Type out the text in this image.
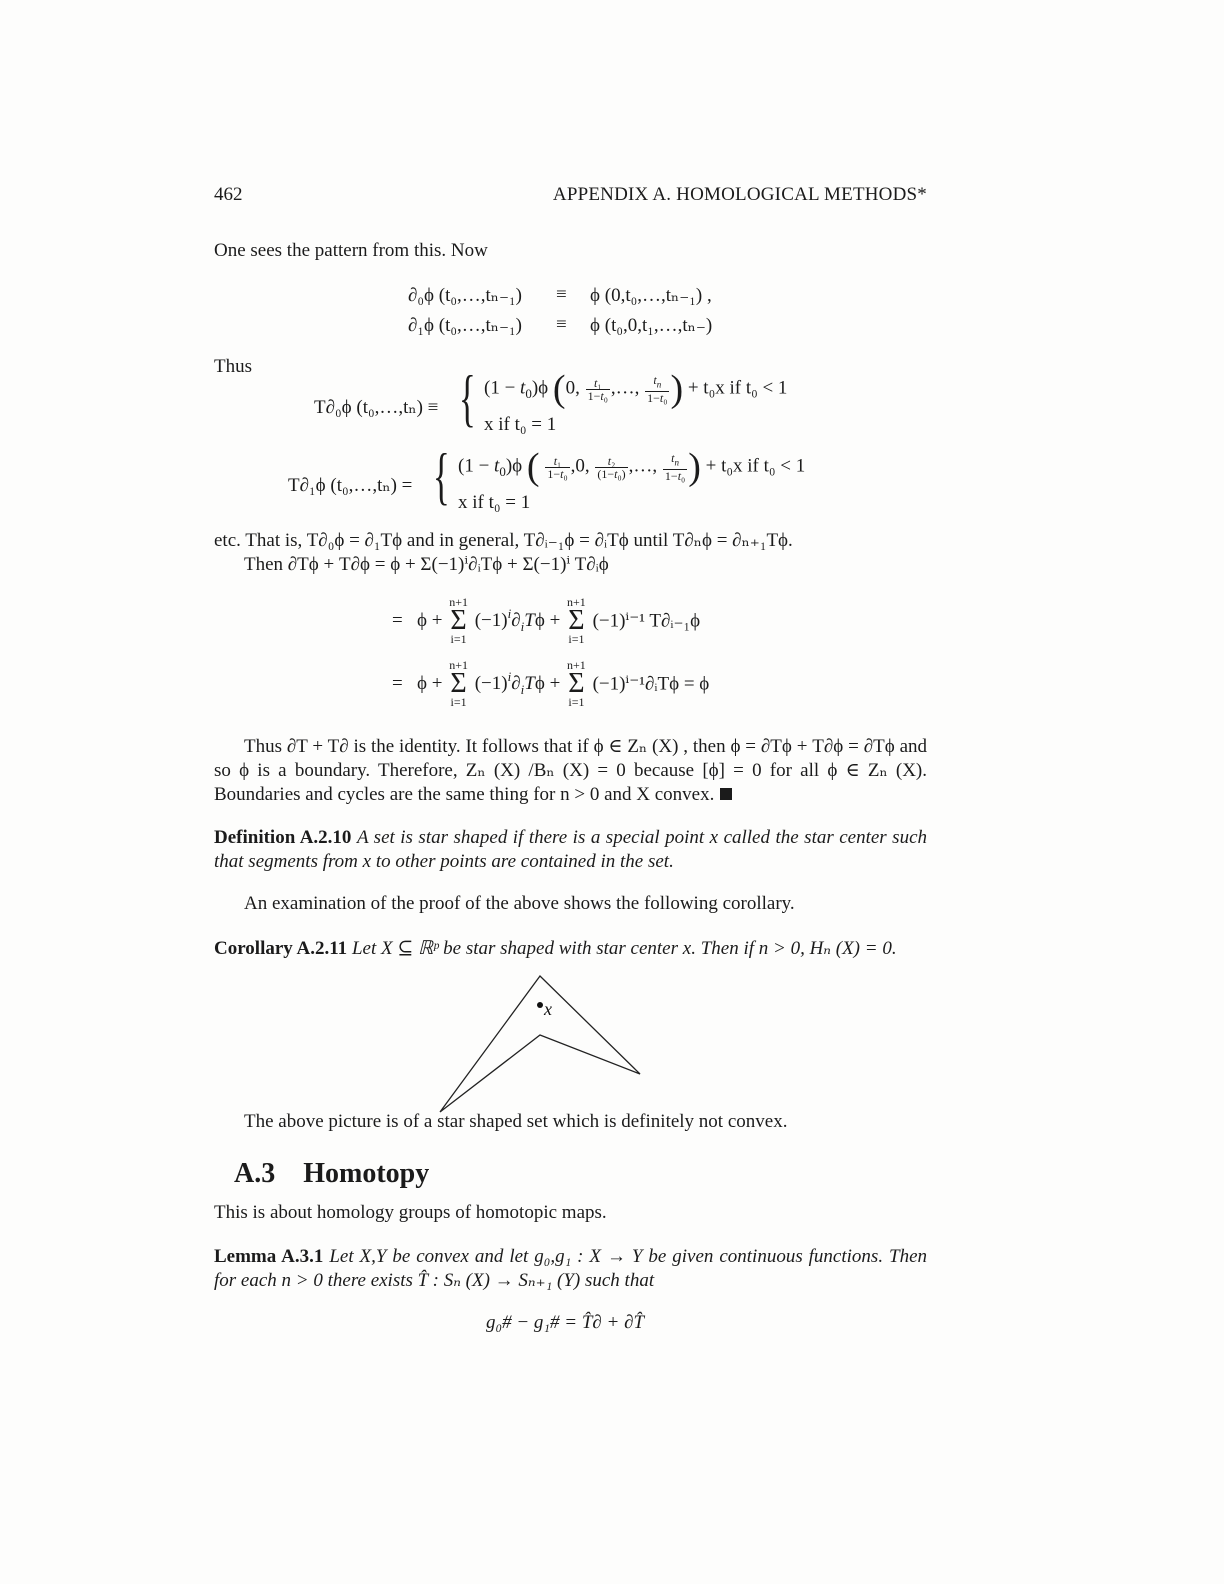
462	APPENDIX A. HOMOLOGICAL METHODS*
One sees the pattern from this. Now
∂₀ϕ (t₀,…,tₙ₋₁) ≡ ϕ (0,t₀,…,tₙ₋₁) ,
∂₁ϕ (t₀,…,tₙ₋₁) ≡ ϕ (t₀,0,t₁,…,tₙ₋)
Thus
T∂₀ϕ (t₀,…,tₙ) ≡ { $(1 - t_0)\phi$ (0, $\frac{\text{t₁}}{\text{1−t₀}}$ ,…, $\frac{t_n}{\text{1−t₀}}$ ) + t₀x if t₀ < 1
x if t₀ = 1
T∂₁ϕ (t₀,…,tₙ) = { $(1 - t_0)\phi$ ( $\frac{\text{t₁}}{\text{1−t₀}} ,0$, $\frac{\text{t₂}}{\text{(1−t₀)}}$ ,…, $\frac{t_n}{\text{1−t₀}}$ ) + t₀x if t₀ < 1
x if t₀ = 1
etc. That is, T∂₀ϕ = ∂₁Tϕ and in general, T∂ᵢ₋₁ϕ = ∂ᵢTϕ until T∂ₙϕ = ∂ₙ₊₁Tϕ.
Then ∂Tϕ + T∂ϕ = ϕ + Σ(−1)ⁱ∂ᵢTϕ + Σ(−1)ⁱ T∂ᵢϕ
=   ϕ + n+1
Σ
i=1 $(-1)^i\partial_iT\phi + n+1$
Σ
i=1 (−1)ⁱ⁻¹ T∂ᵢ₋₁ϕ
=   ϕ + n+1
Σ
i=1 $(-1)^i\partial_iT\phi + n+1$
Σ
i=1 (−1)ⁱ⁻¹∂ᵢTϕ = ϕ
Thus ∂T + T∂ is the identity. It follows that if ϕ ∈ Zₙ (X) , then ϕ = ∂Tϕ + T∂ϕ = ∂Tϕ and so ϕ is a boundary. Therefore, Zₙ (X) /Bₙ (X) = 0 because [ϕ] = 0 for all ϕ ∈ Zₙ (X). Boundaries and cycles are the same thing for n > 0 and X convex.
Definition A.2.10 A set is star shaped if there is a special point x called the star center such that segments from x to other points are contained in the set.
An examination of the proof of the above shows the following corollary.
Corollary A.2.11 Let X ⊆ ℝᵖ be star shaped with star center x. Then if n > 0, Hₙ (X) = 0.
x
The above picture is of a star shaped set which is definitely not convex.
A.3 Homotopy
This is about homology groups of homotopic maps.
Lemma A.3.1 Let X,Y be convex and let g₀,g₁ : X → Y be given continuous functions. Then for each n > 0 there exists T̂ : Sₙ (X) → Sₙ₊₁ (Y) such that
g₀# − g₁# = T̂∂ + ∂T̂
